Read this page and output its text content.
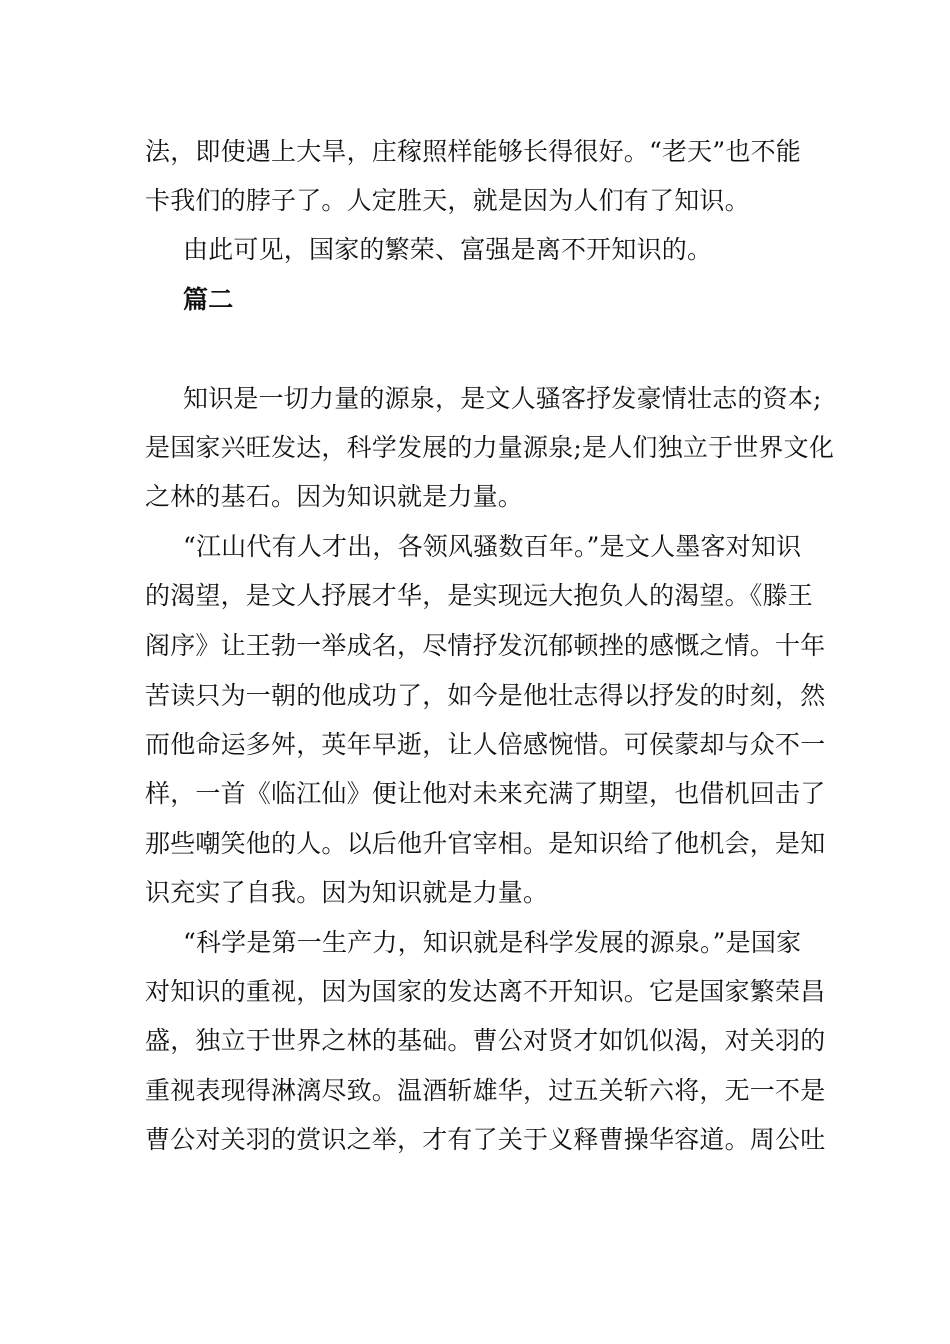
法，即使遇上大旱，庄稼照样能够长得很好。“老天”也不能
卡我们的脖子了。人定胜天，就是因为人们有了知识。
由此可见，国家的繁荣、富强是离不开知识的。
篇二
知识是一切力量的源泉，是文人骚客抒发豪情壮志的资本;
是国家兴旺发达，科学发展的力量源泉;是人们独立于世界文化
之林的基石。因为知识就是力量。
“江山代有人才出，各领风骚数百年。”是文人墨客对知识
的渴望，是文人抒展才华，是实现远大抱负人的渴望。《滕王
阁序》让王勃一举成名，尽情抒发沉郁顿挫的感慨之情。十年
苦读只为一朝的他成功了，如今是他壮志得以抒发的时刻，然
而他命运多舛，英年早逝，让人倍感惋惜。可侯蒙却与众不一
样，一首《临江仙》便让他对未来充满了期望，也借机回击了
那些嘲笑他的人。以后他升官宰相。是知识给了他机会，是知
识充实了自我。因为知识就是力量。
“科学是第一生产力，知识就是科学发展的源泉。”是国家
对知识的重视，因为国家的发达离不开知识。它是国家繁荣昌
盛，独立于世界之林的基础。曹公对贤才如饥似渴，对关羽的
重视表现得淋漓尽致。温酒斩雄华，过五关斩六将，无一不是
曹公对关羽的赏识之举，才有了关于义释曹操华容道。周公吐
